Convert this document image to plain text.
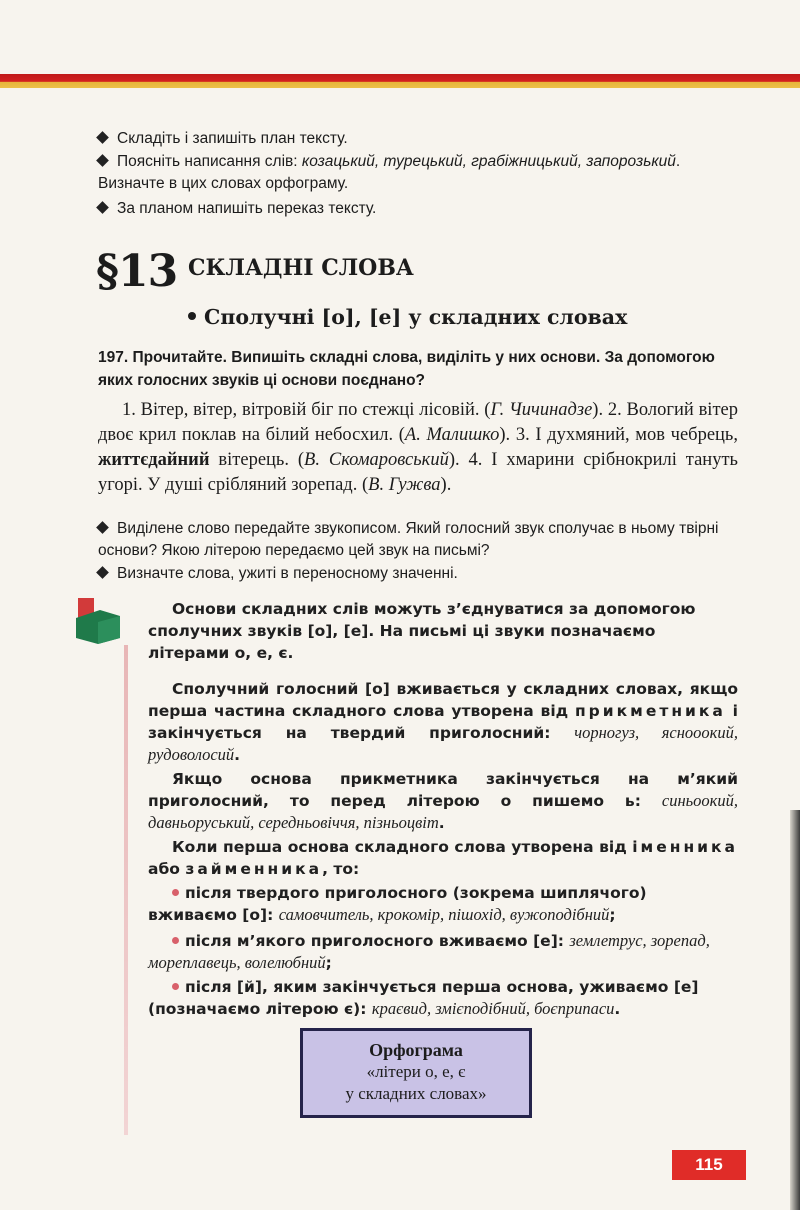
Складіть і запишіть план тексту.
Поясніть написання слів: козацький, турецький, грабіжницький, запорозький. Визначте в цих словах орфограму.
За планом напишіть переказ тексту.
§13 СКЛАДНІ СЛОВА
Сполучні [о], [е] у складних словах
197. Прочитайте. Випишіть складні слова, виділіть у них основи. За допомогою яких голосних звуків ці основи поєднано?
1. Вітер, вітер, вітровій біг по стежці лісовій. (Г. Чичинадзе). 2. Вологий вітер двоє крил поклав на білий небосхил. (А. Малишко). 3. І духмяний, мов чебрець, життєдайний вітерець. (В. Скомаровський). 4. І хмарини срібнокрилі тануть угорі. У душі срібляний зорепад. (В. Гужва).
Виділене слово передайте звукописом. Який голосний звук сполучає в ньому твірні основи? Якою літерою передаємо цей звук на письмі?
Визначте слова, ужиті в переносному значенні.
Основи складних слів можуть з’єднуватися за допомогою сполучних звуків [о], [е]. На письмі ці звуки позначаємо літерами о, е, є.
Сполучний голосний [о] вживається у складних словах, якщо перша частина складного слова утворена від прикметника і закінчується на твердий приголосний: чорногуз, яснооокий, рудоволосий.
Якщо основа прикметника закінчується на м’який приголосний, то перед літерою о пишемо ь: синьоокий, давньоруський, середньовіччя, пізньоцвіт.
Коли перша основа складного слова утворена від іменника або займенника, то:
після твердого приголосного (зокрема шиплячого) вживаємо [о]: самовчитель, крокомір, пішохід, вужоподібний;
після м’якого приголосного вживаємо [е]: землетрус, зорепад, мореплавець, волелюбний;
після [й], яким закінчується перша основа, уживаємо [е] (позначаємо літерою є): краєвид, змієподібний, боєприпаси.
Орфограма
«літери о, е, є
у складних словах»
115
